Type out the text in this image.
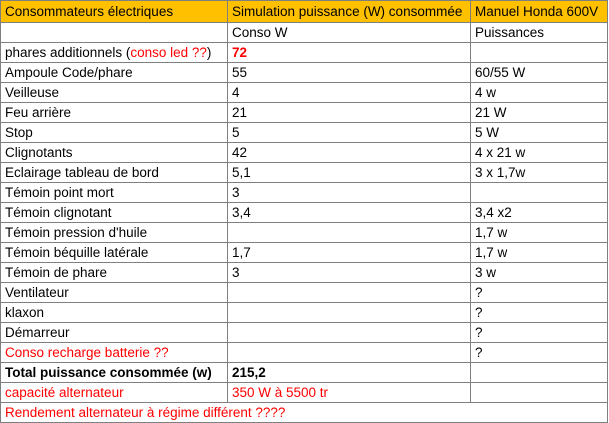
Consommateurs électriques	Simulation puissance (W) consommée	Manuel Honda 600V
	Conso W	Puissances
phares additionnels (conso led ??)	72	
Ampoule Code/phare	55	60/55 W
Veilleuse	4	4 w
Feu arrière	21	21 W
Stop	5	5 W
Clignotants	42	4 x 21 w
Eclairage tableau de bord	5,1	3 x 1,7w
Témoin point mort	3	
Témoin clignotant	3,4	3,4 x2
Témoin pression d'huile		1,7 w
Témoin béquille latérale	1,7	1,7 w
Témoin de phare	3	3 w
Ventilateur		?
klaxon		?
Démarreur		?
Conso recharge batterie ??		?
Total puissance consommée (w)	215,2	
capacité alternateur	350 W à 5500 tr	
Rendement alternateur à régime différent ????		
